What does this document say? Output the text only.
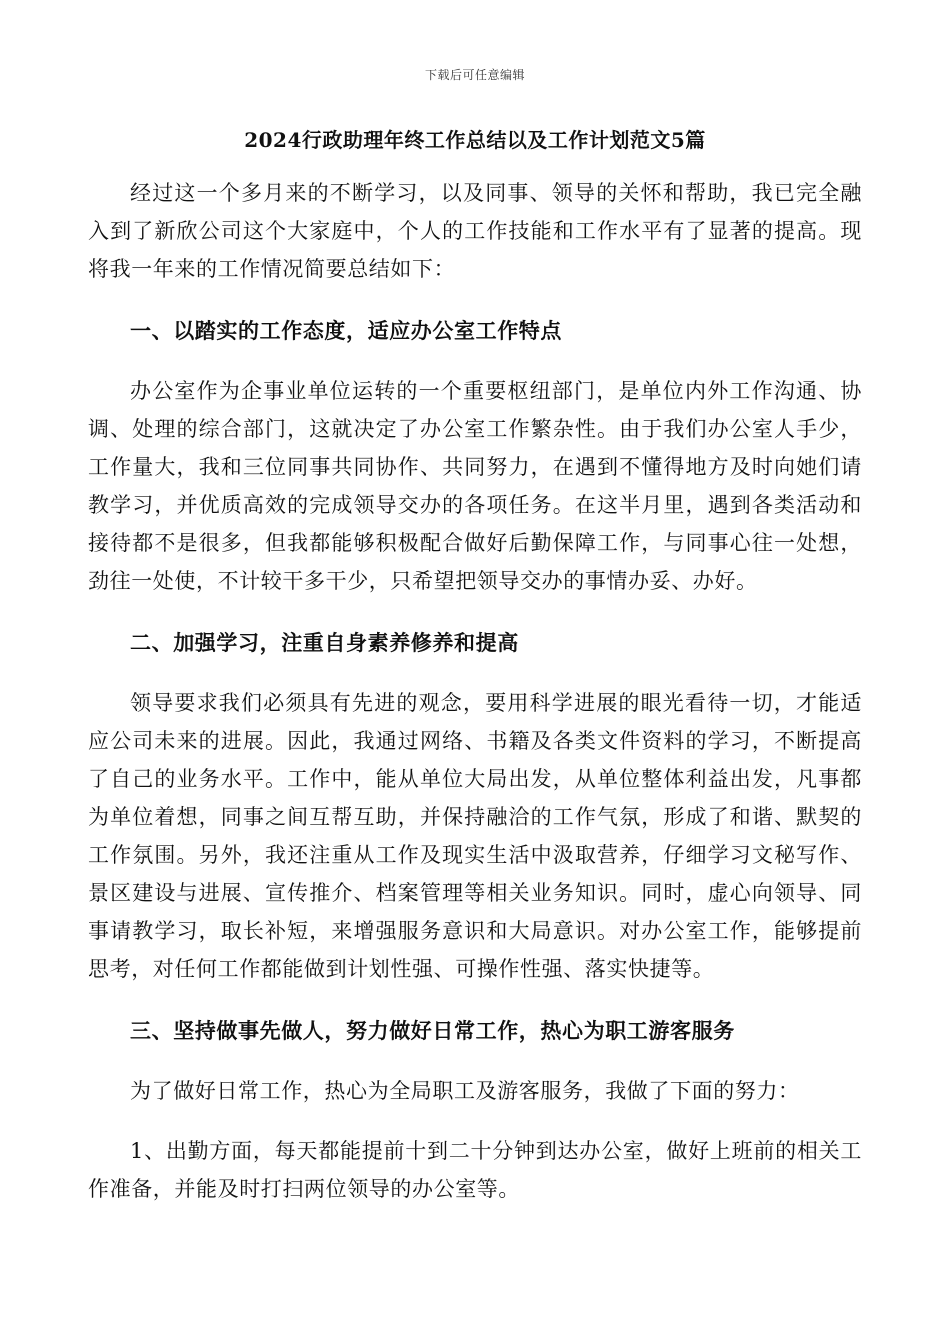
下载后可任意编辑
2024行政助理年终工作总结以及工作计划范文5篇

经过这一个多月来的不断学习，以及同事、领导的关怀和帮助，我已完全融入到了新欣公司这个大家庭中，个人的工作技能和工作水平有了显著的提高。现将我一年来的工作情况简要总结如下：

一、以踏实的工作态度，适应办公室工作特点

办公室作为企事业单位运转的一个重要枢纽部门，是单位内外工作沟通、协调、处理的综合部门，这就决定了办公室工作繁杂性。由于我们办公室人手少，工作量大，我和三位同事共同协作、共同努力，在遇到不懂得地方及时向她们请教学习，并优质高效的完成领导交办的各项任务。在这半月里，遇到各类活动和接待都不是很多，但我都能够积极配合做好后勤保障工作，与同事心往一处想，劲往一处使，不计较干多干少，只希望把领导交办的事情办妥、办好。

二、加强学习，注重自身素养修养和提高

领导要求我们必须具有先进的观念，要用科学进展的眼光看待一切，才能适应公司未来的进展。因此，我通过网络、书籍及各类文件资料的学习，不断提高了自己的业务水平。工作中，能从单位大局出发，从单位整体利益出发，凡事都为单位着想，同事之间互帮互助，并保持融洽的工作气氛，形成了和谐、默契的工作氛围。另外，我还注重从工作及现实生活中汲取营养，仔细学习文秘写作、景区建设与进展、宣传推介、档案管理等相关业务知识。同时，虚心向领导、同事请教学习，取长补短，来增强服务意识和大局意识。对办公室工作，能够提前思考，对任何工作都能做到计划性强、可操作性强、落实快捷等。

三、坚持做事先做人，努力做好日常工作，热心为职工游客服务

为了做好日常工作，热心为全局职工及游客服务，我做了下面的努力：

1、出勤方面，每天都能提前十到二十分钟到达办公室，做好上班前的相关工作准备，并能及时打扫两位领导的办公室等。
